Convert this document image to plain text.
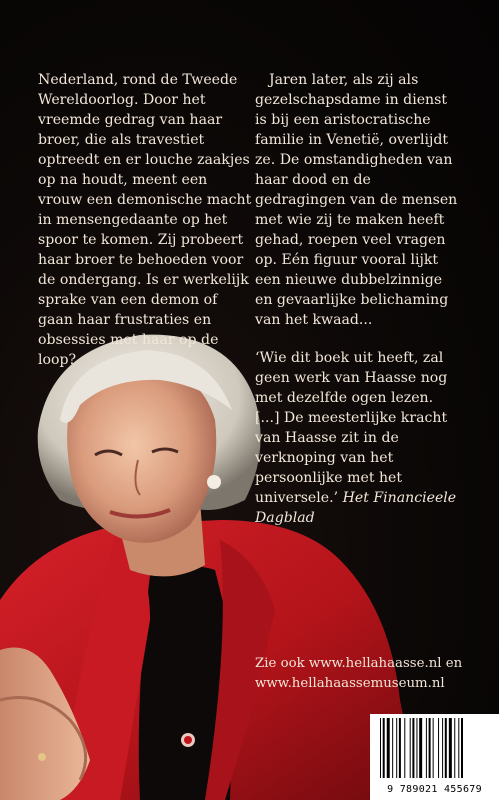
Nederland, rond de Tweede Wereldoorlog. Door het vreemde gedrag van haar broer, die als travestiet optreedt en er louche zaakjes op na houdt, meent een vrouw een demonische macht in mensengedaante op het spoor te komen. Zij probeert haar broer te behoeden voor de ondergang. Is er werkelijk sprake van een demon of gaan haar frustraties en obsessies met haar op de loop?

Jaren later, als zij als gezelschapsdame in dienst is bij een aristocratische familie in Venetië, overlijdt ze. De omstandigheden van haar dood en de gedragingen van de mensen met wie zij te maken heeft gehad, roepen veel vragen op. Eén figuur vooral lijkt een nieuwe dubbelzinnige en gevaarlijke belichaming van het kwaad...

‘Wie dit boek uit heeft, zal geen werk van Haasse nog met dezelfde ogen lezen. [...] De meesterlijke kracht van Haasse zit in de verknoping van het persoonlijke met het universele.’ Het Financieele Dagblad

Zie ook www.hellahaasse.nl en
www.hellahaassemuseum.nl
9 789021 455679
